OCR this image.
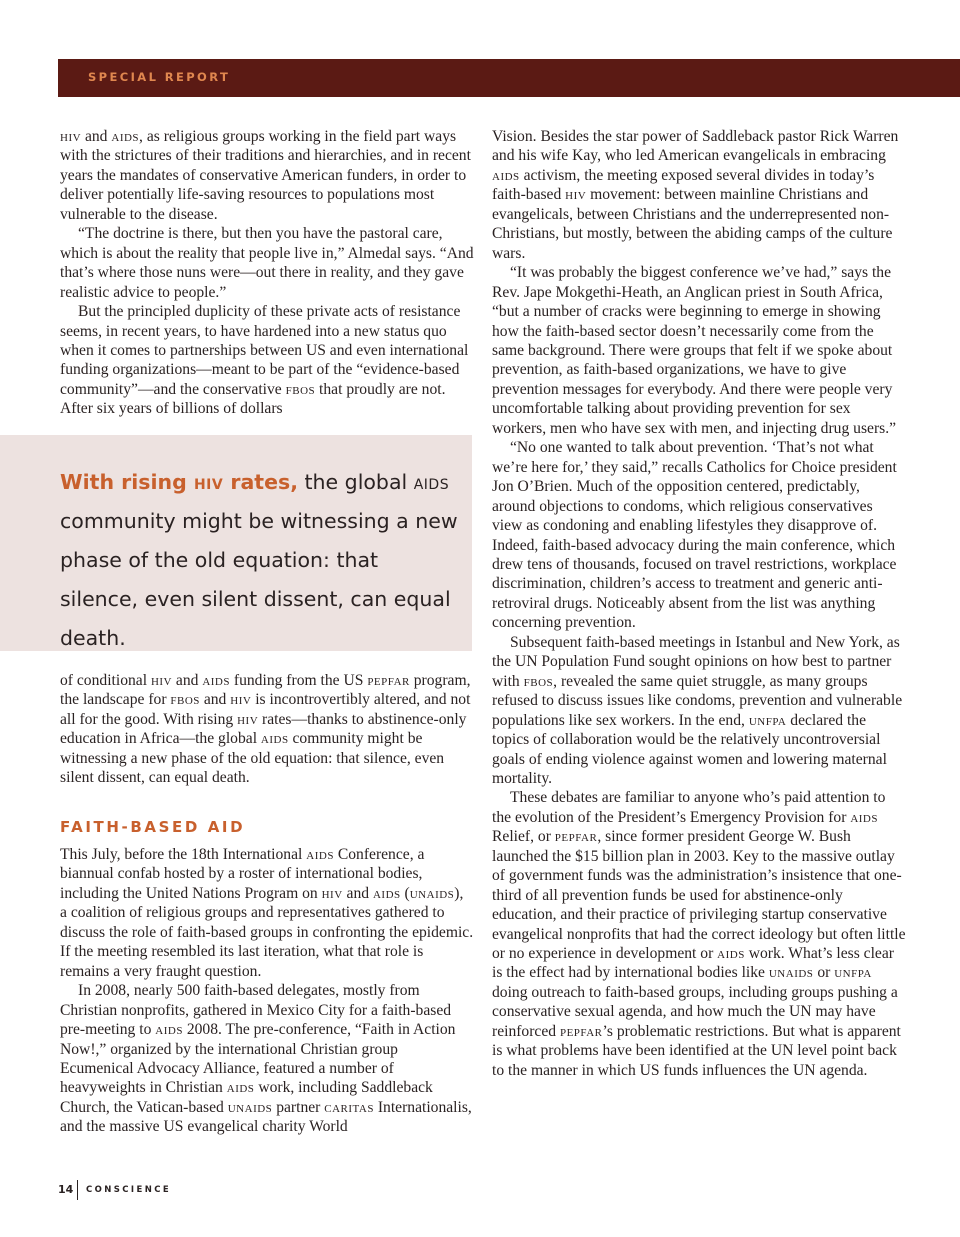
SPECIAL REPORT

hiv and aids, as religious groups working in the field part ways with the strictures of their traditions and hierarchies, and in recent years the mandates of conservative American funders, in order to deliver potentially life-saving resources to populations most vulnerable to the disease.

“The doctrine is there, but then you have the pastoral care, which is about the reality that people live in,” Almedal says. “And that’s where those nuns were—out there in reality, and they gave realistic advice to people.”

But the principled duplicity of these private acts of resistance seems, in recent years, to have hardened into a new status quo when it comes to partnerships between US and even international funding organizations—meant to be part of the “evidence-based community”—and the conservative fbos that proudly are not. After six years of billions of dollars

With rising hiv rates, the global aids community might be witnessing a new phase of the old equation: that silence, even silent dissent, can equal death.

of conditional hiv and aids funding from the US pepfar program, the landscape for fbos and hiv is incontrovertibly altered, and not all for the good. With rising hiv rates—thanks to abstinence-only education in Africa—the global aids community might be witnessing a new phase of the old equation: that silence, even silent dissent, can equal death.

FAITH-BASED AID

This July, before the 18th International aids Conference, a biannual confab hosted by a roster of international bodies, including the United Nations Program on hiv and aids (unaids), a coalition of religious groups and representatives gathered to discuss the role of faith-based groups in confronting the epidemic. If the meeting resembled its last iteration, what that role is remains a very fraught question.

In 2008, nearly 500 faith-based delegates, mostly from Christian nonprofits, gathered in Mexico City for a faith-based pre-meeting to aids 2008. The pre-conference, “Faith in Action Now!,” organized by the international Christian group Ecumenical Advocacy Alliance, featured a number of heavyweights in Christian aids work, including Saddleback Church, the Vatican-based unaids partner caritas Internationalis, and the massive US evangelical charity World

Vision. Besides the star power of Saddleback pastor Rick Warren and his wife Kay, who led American evangelicals in embracing aids activism, the meeting exposed several divides in today’s faith-based hiv movement: between mainline Christians and evangelicals, between Christians and the underrepresented non-Christians, but mostly, between the abiding camps of the culture wars.

“It was probably the biggest conference we’ve had,” says the Rev. Jape Mokgethi-Heath, an Anglican priest in South Africa, “but a number of cracks were beginning to emerge in showing how the faith-based sector doesn’t necessarily come from the same background. There were groups that felt if we spoke about prevention, as faith-based organizations, we have to give prevention messages for everybody. And there were people very uncomfortable talking about providing prevention for sex workers, men who have sex with men, and injecting drug users.”

“No one wanted to talk about prevention. ‘That’s not what we’re here for,’ they said,” recalls Catholics for Choice president Jon O’Brien. Much of the opposition centered, predictably, around objections to condoms, which religious conservatives view as condoning and enabling lifestyles they disapprove of. Indeed, faith-based advocacy during the main conference, which drew tens of thousands, focused on travel restrictions, workplace discrimination, children’s access to treatment and generic anti-retroviral drugs. Noticeably absent from the list was anything concerning prevention.

Subsequent faith-based meetings in Istanbul and New York, as the UN Population Fund sought opinions on how best to partner with fbos, revealed the same quiet struggle, as many groups refused to discuss issues like condoms, prevention and vulnerable populations like sex workers. In the end, unfpa declared the topics of collaboration would be the relatively uncontroversial goals of ending violence against women and lowering maternal mortality.

These debates are familiar to anyone who’s paid attention to the evolution of the President’s Emergency Provision for aids Relief, or pepfar, since former president George W. Bush launched the $15 billion plan in 2003. Key to the massive outlay of government funds was the administration’s insistence that one-third of all prevention funds be used for abstinence-only education, and their practice of privileging startup conservative evangelical nonprofits that had the correct ideology but often little or no experience in development or aids work. What’s less clear is the effect had by international bodies like unaids or unfpa doing outreach to faith-based groups, including groups pushing a conservative sexual agenda, and how much the UN may have reinforced pepfar’s problematic restrictions. But what is apparent is what problems have been identified at the UN level point back to the manner in which US funds influences the UN agenda.

14 CONSCIENCE
